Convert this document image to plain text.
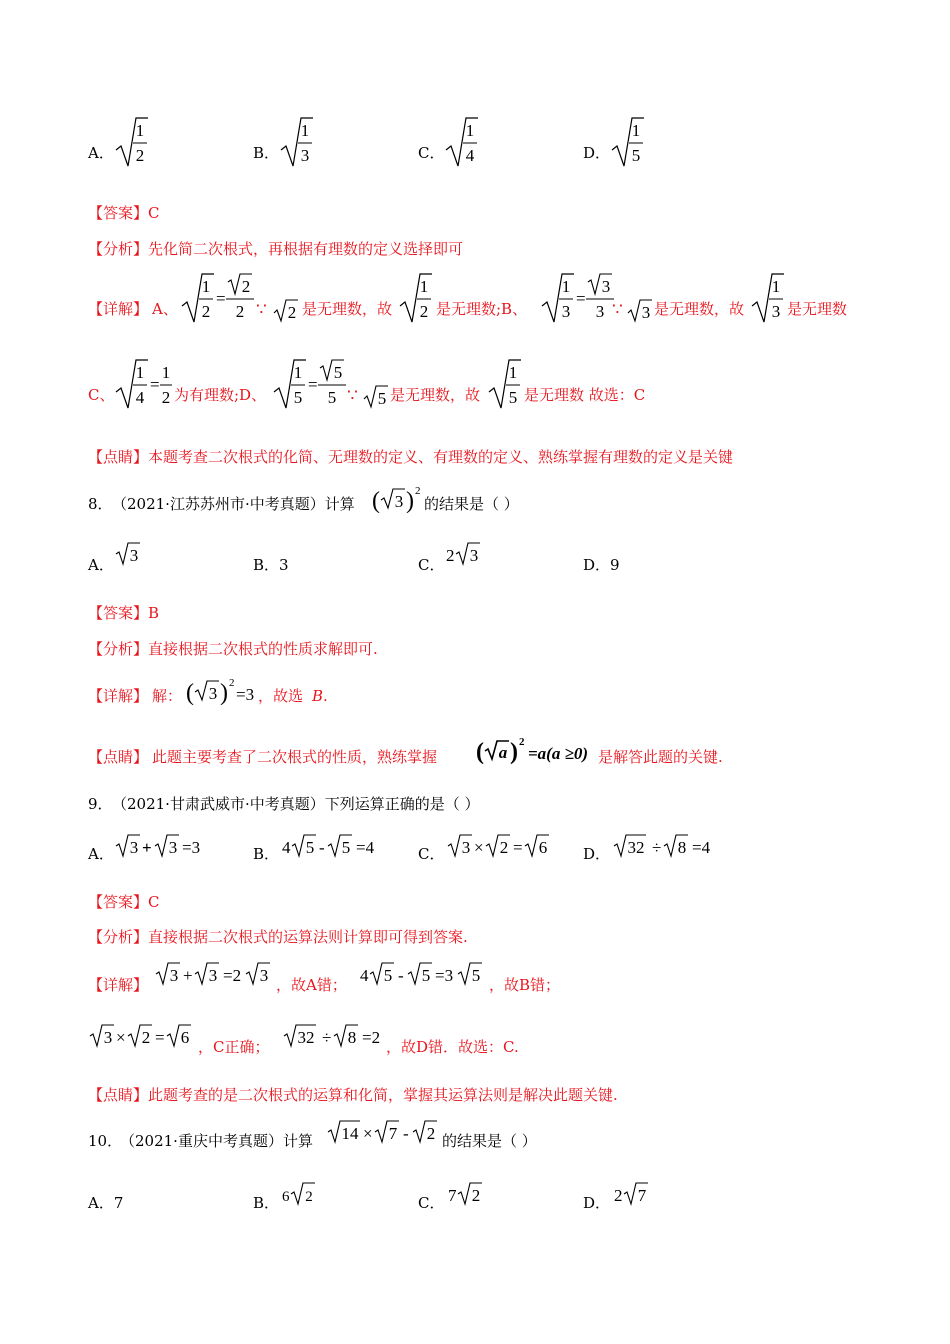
A．
1
2	B．
1
3	C．
1
4	D．
1
5
【答案】C
【分析】先化简二次根式，再根据有理数的定义选择即可
【详解】 A、
1
2
=
2
2 ∵ 2 是无理数，故
1
2 是无理数;B、
1
3
=
3
3 ∵ 3 是无理数，故
1
3 是无理数
C、
1
4
=
1
2 为有理数;D、
1
5
=
5
5 ∵ 5 是无理数，故
1
5 是无理数 故选：C
【点睛】本题考查二次根式的化简、无理数的定义、有理数的定义、熟练掌握有理数的定义是关键
8． （2021·江苏苏州市·中考真题）计算 ( 3 ) 2
的结果是（ ）
A． 3	B．3	C． 2 3	D．9
【答案】B
【分析】直接根据二次根式的性质求解即可.
【详解】 解： ( 3 ) 2
=3 ，故选 B .
【点睛】 此题主要考查了二次根式的性质，熟练掌握 ( a ) 2
=a(a ≥0) 是解答此题的关键.
9． （2021·甘肃武威市·中考真题）下列运算正确的是（ ）
A． 3 + 3 =3	B． 4 5 - 5 =4	C． 3 × 2 = 6 D． 32 ÷ 8 =4
【答案】C
【分析】直接根据二次根式的运算法则计算即可得到答案.
【详解】 3 + 3 =2 3 ，故A错； 4 5 - 5 =3 5 ，故B错；
3 × 2 = 6 ，C正确； 32 ÷ 8 =2 ，故D错．故选：C.
【点睛】此题考查的是二次根式的运算和化简，掌握其运算法则是解决此题关键.
10．
（2021·重庆中考真题）计算 14 × 7 - 2 的结果是（ ）
A．7	B． 6 2	C． 7 2	D． 2 7
